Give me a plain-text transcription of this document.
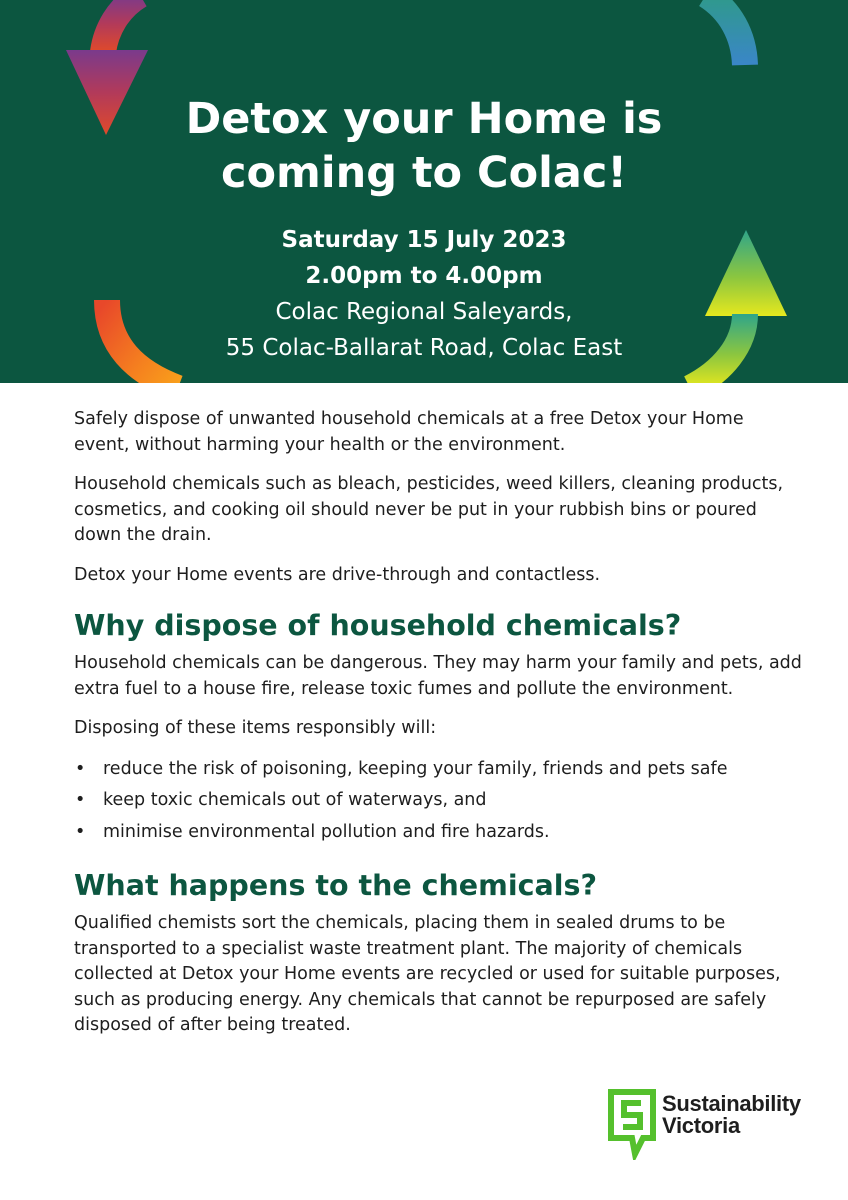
Detox your Home is
coming to Colac!
Saturday 15 July 2023
2.00pm to 4.00pm
Colac Regional Saleyards,
55 Colac-Ballarat Road, Colac East

Safely dispose of unwanted household chemicals at a free Detox your Home event, without harming your health or the environment.

Household chemicals such as bleach, pesticides, weed killers, cleaning products, cosmetics, and cooking oil should never be put in your rubbish bins or poured down the drain.

Detox your Home events are drive-through and contactless.

Why dispose of household chemicals?

Household chemicals can be dangerous. They may harm your family and pets, add extra fuel to a house fire, release toxic fumes and pollute the environment.

Disposing of these items responsibly will:

• reduce the risk of poisoning, keeping your family, friends and pets safe
• keep toxic chemicals out of waterways, and
• minimise environmental pollution and fire hazards.
What happens to the chemicals?

Qualified chemists sort the chemicals, placing them in sealed drums to be transported to a specialist waste treatment plant. The majority of chemicals collected at Detox your Home events are recycled or used for suitable purposes, such as producing energy. Any chemicals that cannot be repurposed are safely disposed of after being treated.

Sustainability
Victoria
